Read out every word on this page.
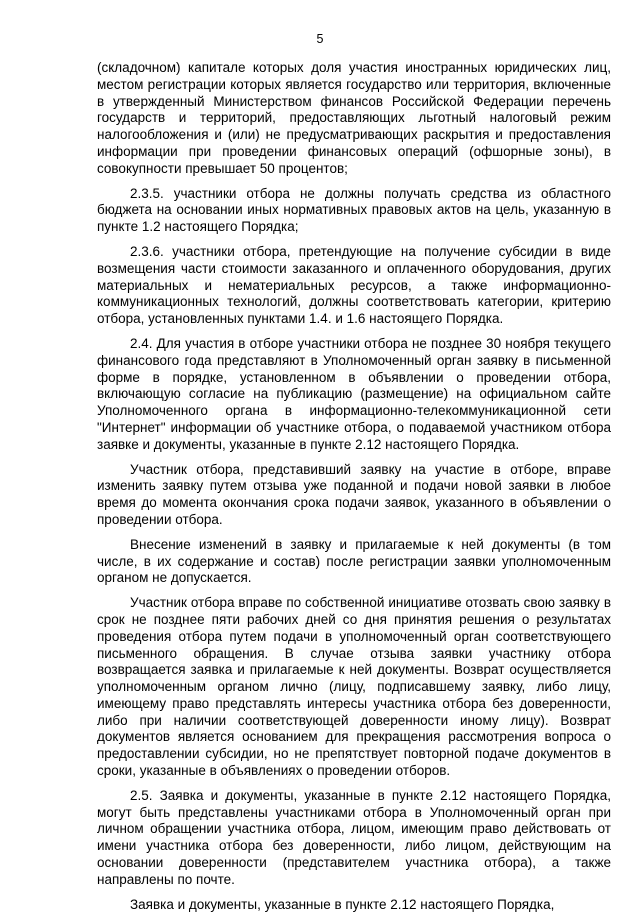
5

(складочном) капитале которых доля участия иностранных юридических лиц, местом регистрации которых является государство или территория, включенные в утвержденный Министерством финансов Российской Федерации перечень государств и территорий, предоставляющих льготный налоговый режим налогообложения и (или) не предусматривающих раскрытия и предоставления информации при проведении финансовых операций (офшорные зоны), в совокупности превышает 50 процентов;

2.3.5. участники отбора не должны получать средства из областного бюджета на основании иных нормативных правовых актов на цель, указанную в пункте 1.2 настоящего Порядка;

2.3.6. участники отбора, претендующие на получение субсидии в виде возмещения части стоимости заказанного и оплаченного оборудования, других материальных и нематериальных ресурсов, а также информационно-коммуникационных технологий, должны соответствовать категории, критерию отбора, установленных пунктами 1.4. и 1.6 настоящего Порядка.

2.4. Для участия в отборе участники отбора не позднее 30 ноября текущего финансового года представляют в Уполномоченный орган заявку в письменной форме в порядке, установленном в объявлении о проведении отбора, включающую согласие на публикацию (размещение) на официальном сайте Уполномоченного органа в информационно-телекоммуникационной сети "Интернет" информации об участнике отбора, о подаваемой участником отбора заявке и документы, указанные в пункте 2.12 настоящего Порядка.

Участник отбора, представивший заявку на участие в отборе, вправе изменить заявку путем отзыва уже поданной и подачи новой заявки в любое время до момента окончания срока подачи заявок, указанного в объявлении о проведении отбора.

Внесение изменений в заявку и прилагаемые к ней документы (в том числе, в их содержание и состав) после регистрации заявки уполномоченным органом не допускается.

Участник отбора вправе по собственной инициативе отозвать свою заявку в срок не позднее пяти рабочих дней со дня принятия решения о результатах проведения отбора путем подачи в уполномоченный орган соответствующего письменного обращения. В случае отзыва заявки участнику отбора возвращается заявка и прилагаемые к ней документы. Возврат осуществляется уполномоченным органом лично (лицу, подписавшему заявку, либо лицу, имеющему право представлять интересы участника отбора без доверенности, либо при наличии соответствующей доверенности иному лицу). Возврат документов является основанием для прекращения рассмотрения вопроса о предоставлении субсидии, но не препятствует повторной подаче документов в сроки, указанные в объявлениях о проведении отборов.

2.5. Заявка и документы, указанные в пункте 2.12 настоящего Порядка, могут быть представлены участниками отбора в Уполномоченный орган при личном обращении участника отбора, лицом, имеющим право действовать от имени участника отбора без доверенности, либо лицом, действующим на основании доверенности (представителем участника отбора), а также направлены по почте.

Заявка и документы, указанные в пункте 2.12 настоящего Порядка,
